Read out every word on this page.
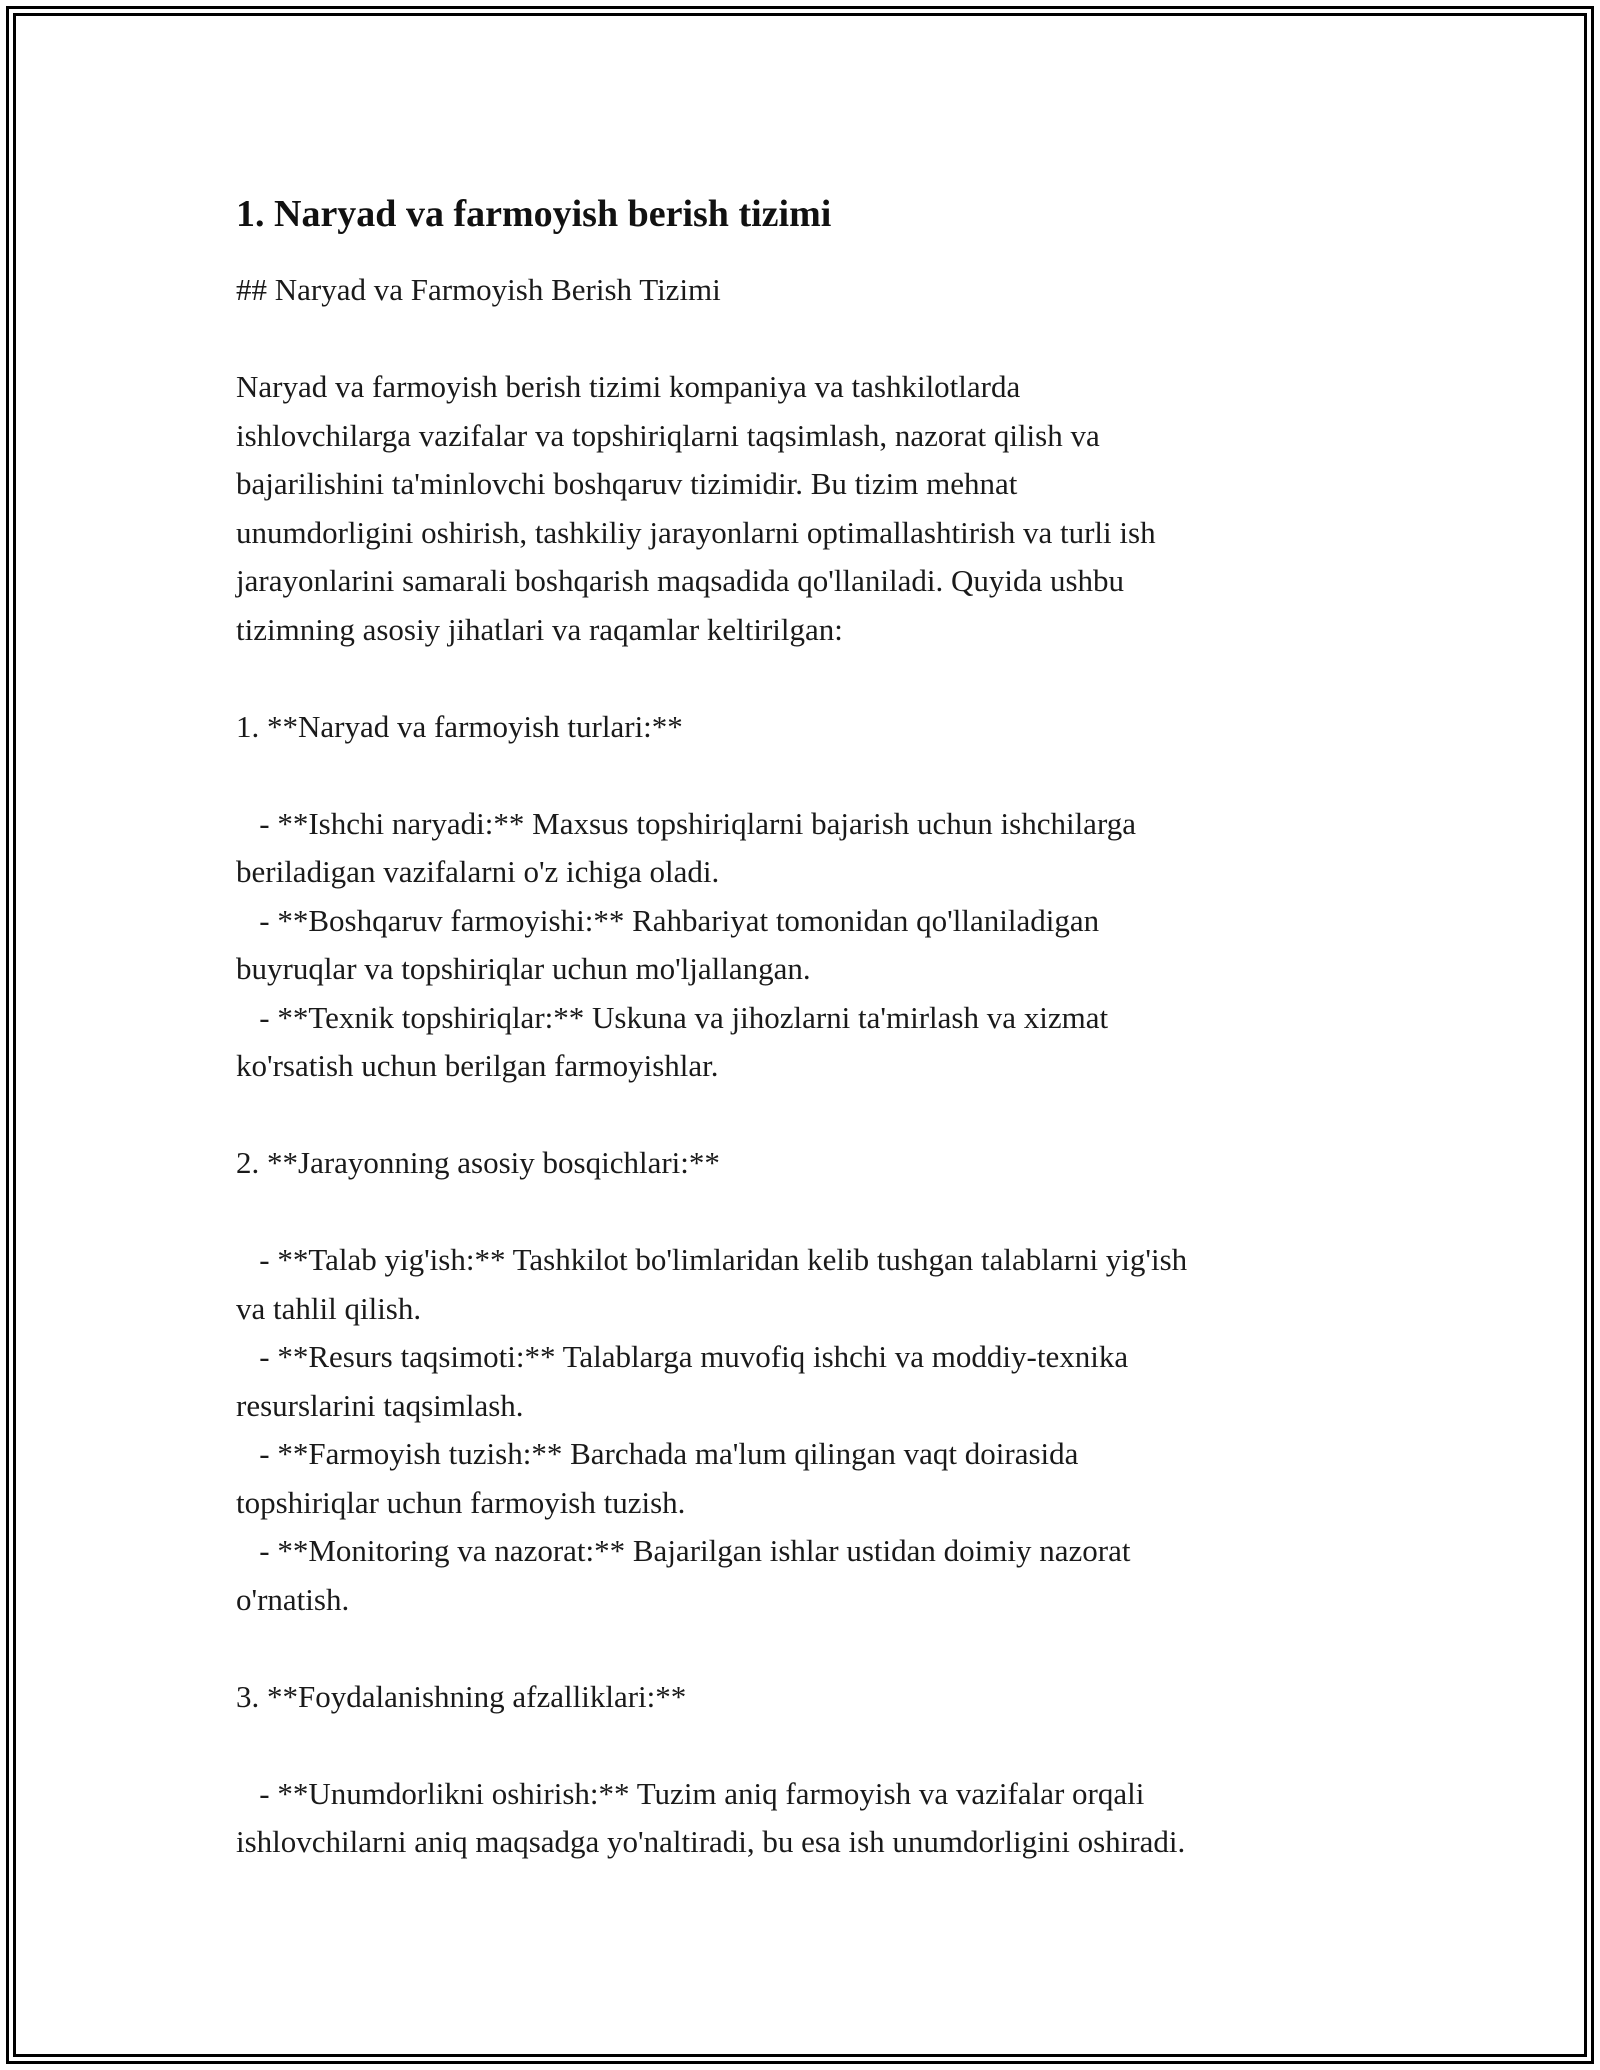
1. Naryad va farmoyish berish tizimi

## Naryad va Farmoyish Berish Tizimi

Naryad va farmoyish berish tizimi kompaniya va tashkilotlarda
ishlovchilarga vazifalar va topshiriqlarni taqsimlash, nazorat qilish va
bajarilishini ta'minlovchi boshqaruv tizimidir. Bu tizim mehnat
unumdorligini oshirish, tashkiliy jarayonlarni optimallashtirish va turli ish
jarayonlarini samarali boshqarish maqsadida qo'llaniladi. Quyida ushbu
tizimning asosiy jihatlari va raqamlar keltirilgan:

1. **Naryad va farmoyish turlari:**

- **Ishchi naryadi:** Maxsus topshiriqlarni bajarish uchun ishchilarga
beriladigan vazifalarni o'z ichiga oladi.
- **Boshqaruv farmoyishi:** Rahbariyat tomonidan qo'llaniladigan
buyruqlar va topshiriqlar uchun mo'ljallangan.
- **Texnik topshiriqlar:** Uskuna va jihozlarni ta'mirlash va xizmat
ko'rsatish uchun berilgan farmoyishlar.

2. **Jarayonning asosiy bosqichlari:**

- **Talab yig'ish:** Tashkilot bo'limlaridan kelib tushgan talablarni yig'ish
va tahlil qilish.
- **Resurs taqsimoti:** Talablarga muvofiq ishchi va moddiy-texnika
resurslarini taqsimlash.
- **Farmoyish tuzish:** Barchada ma'lum qilingan vaqt doirasida
topshiriqlar uchun farmoyish tuzish.
- **Monitoring va nazorat:** Bajarilgan ishlar ustidan doimiy nazorat
o'rnatish.

3. **Foydalanishning afzalliklari:**

- **Unumdorlikni oshirish:** Tuzim aniq farmoyish va vazifalar orqali
ishlovchilarni aniq maqsadga yo'naltiradi, bu esa ish unumdorligini oshiradi.
